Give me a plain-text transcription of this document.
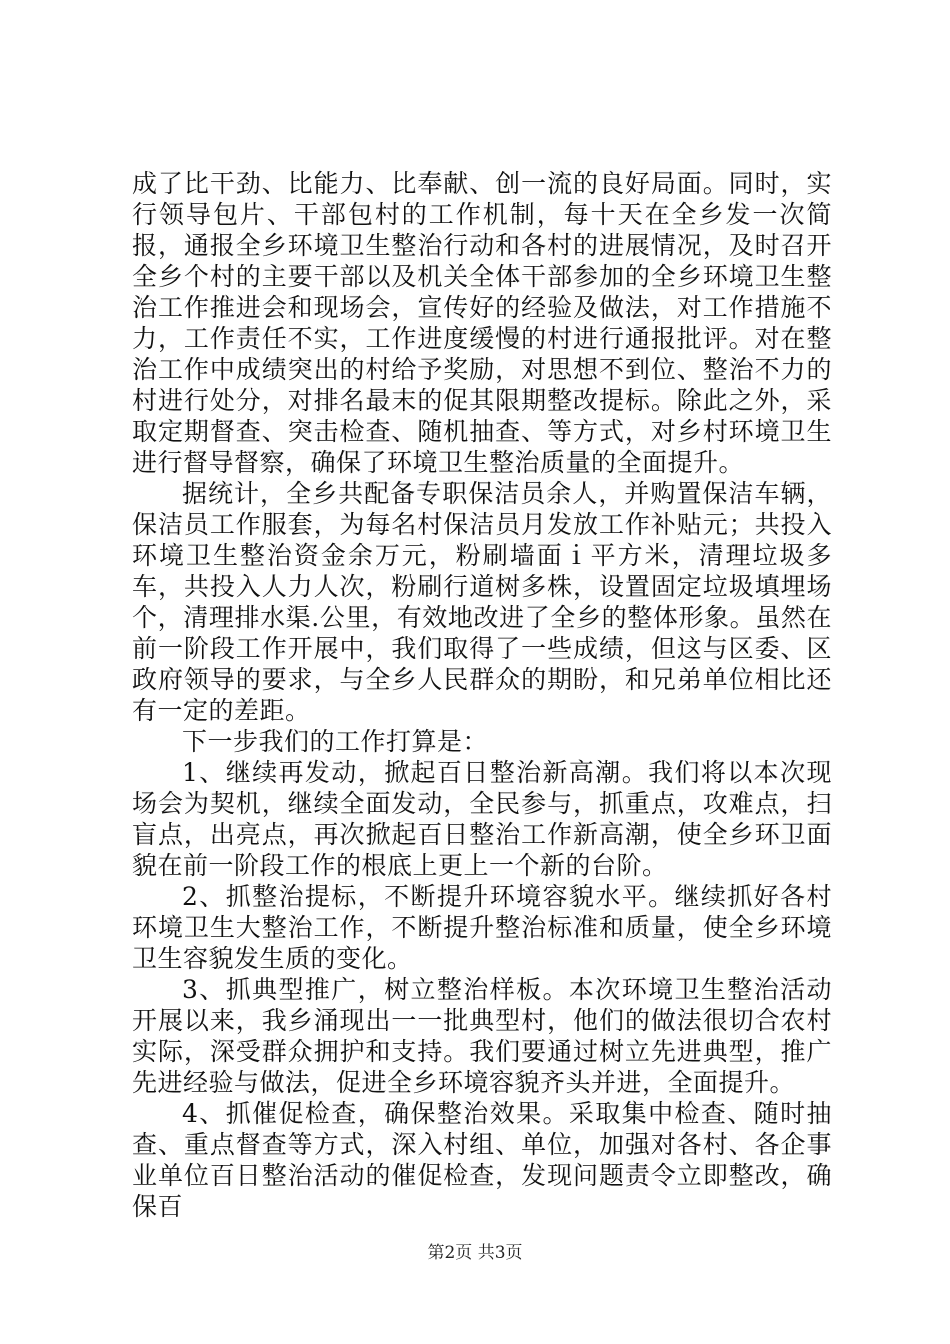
成了比干劲、比能力、比奉献、创一流的良好局面。同时，实行领导包片、干部包村的工作机制，每十天在全乡发一次简报，通报全乡环境卫生整治行动和各村的进展情况，及时召开全乡个村的主要干部以及机关全体干部参加的全乡环境卫生整治工作推进会和现场会，宣传好的经验及做法，对工作措施不力，工作责任不实，工作进度缓慢的村进行通报批评。对在整治工作中成绩突出的村给予奖励，对思想不到位、整治不力的村进行处分，对排名最末的促其限期整改提标。除此之外，采取定期督查、突击检查、随机抽查、等方式，对乡村环境卫生进行督导督察，确保了环境卫生整治质量的全面提升。

据统计，全乡共配备专职保洁员余人，并购置保洁车辆，保洁员工作服套，为每名村保洁员月发放工作补贴元；共投入环境卫生整治资金余万元，粉刷墙面ｉ平方米，清理垃圾多车，共投入人力人次，粉刷行道树多株，设置固定垃圾填埋场个，清理排水渠.公里，有效地改进了全乡的整体形象。虽然在前一阶段工作开展中，我们取得了一些成绩，但这与区委、区政府领导的要求，与全乡人民群众的期盼，和兄弟单位相比还有一定的差距。

下一步我们的工作打算是：

1、继续再发动，掀起百日整治新高潮。我们将以本次现场会为契机，继续全面发动，全民参与，抓重点，攻难点，扫盲点，出亮点，再次掀起百日整治工作新高潮，使全乡环卫面貌在前一阶段工作的根底上更上一个新的台阶。

2、抓整治提标，不断提升环境容貌水平。继续抓好各村环境卫生大整治工作，不断提升整治标准和质量，使全乡环境卫生容貌发生质的变化。

3、抓典型推广，树立整治样板。本次环境卫生整治活动开展以来，我乡涌现出一一批典型村，他们的做法很切合农村实际，深受群众拥护和支持。我们要通过树立先进典型，推广先进经验与做法，促进全乡环境容貌齐头并进，全面提升。

4、抓催促检查，确保整治效果。采取集中检查、随时抽查、重点督查等方式，深入村组、单位，加强对各村、各企事业单位百日整治活动的催促检查，发现问题责令立即整改，确保百

第2页 共3页
